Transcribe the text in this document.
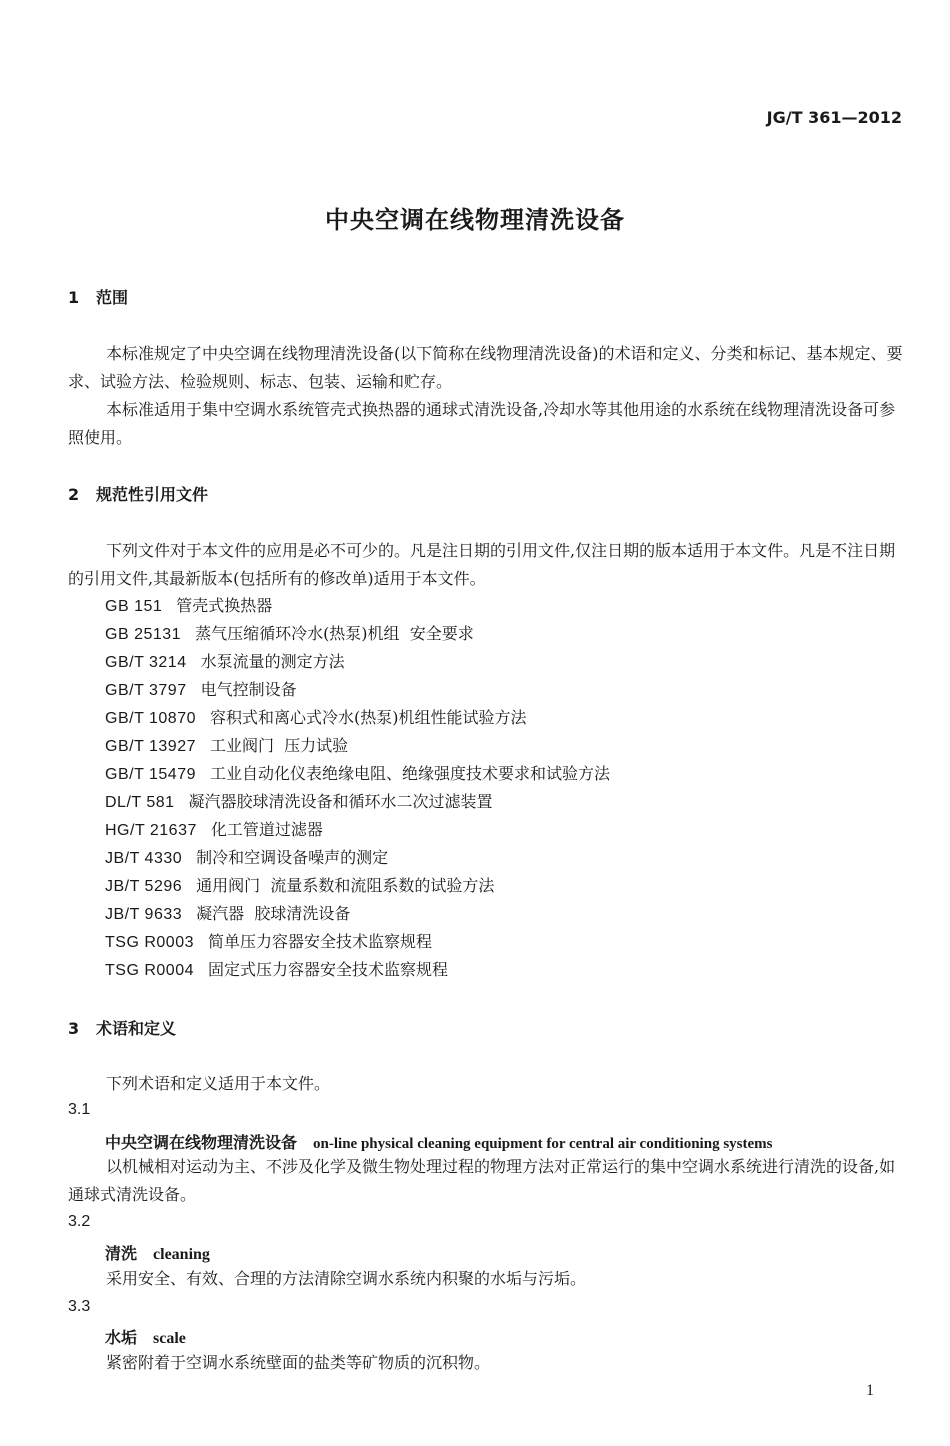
JG/T 361—2012
中央空调在线物理清洗设备
1 范围

本标准规定了中央空调在线物理清洗设备(以下简称在线物理清洗设备)的术语和定义、分类和标记、基本规定、要求、试验方法、检验规则、标志、包装、运输和贮存。

本标准适用于集中空调水系统管壳式换热器的通球式清洗设备,冷却水等其他用途的水系统在线物理清洗设备可参照使用。

2 规范性引用文件

下列文件对于本文件的应用是必不可少的。凡是注日期的引用文件,仅注日期的版本适用于本文件。凡是不注日期的引用文件,其最新版本(包括所有的修改单)适用于本文件。

GB 151 管壳式换热器
GB 25131 蒸气压缩循环冷水(热泵)机组  安全要求
GB/T 3214 水泵流量的测定方法
GB/T 3797 电气控制设备
GB/T 10870 容积式和离心式冷水(热泵)机组性能试验方法
GB/T 13927 工业阀门  压力试验
GB/T 15479 工业自动化仪表绝缘电阻、绝缘强度技术要求和试验方法
DL/T 581 凝汽器胶球清洗设备和循环水二次过滤装置
HG/T 21637 化工管道过滤器
JB/T 4330 制冷和空调设备噪声的测定
JB/T 5296 通用阀门  流量系数和流阻系数的试验方法
JB/T 9633 凝汽器  胶球清洗设备
TSG R0003 简单压力容器安全技术监察规程
TSG R0004 固定式压力容器安全技术监察规程
3 术语和定义

下列术语和定义适用于本文件。

3.1
中央空调在线物理清洗设备 on-line physical cleaning equipment for central air conditioning systems

以机械相对运动为主、不涉及化学及微生物处理过程的物理方法对正常运行的集中空调水系统进行清洗的设备,如通球式清洗设备。

3.2
清洗 cleaning

采用安全、有效、合理的方法清除空调水系统内积聚的水垢与污垢。

3.3
水垢 scale

紧密附着于空调水系统壁面的盐类等矿物质的沉积物。

1
